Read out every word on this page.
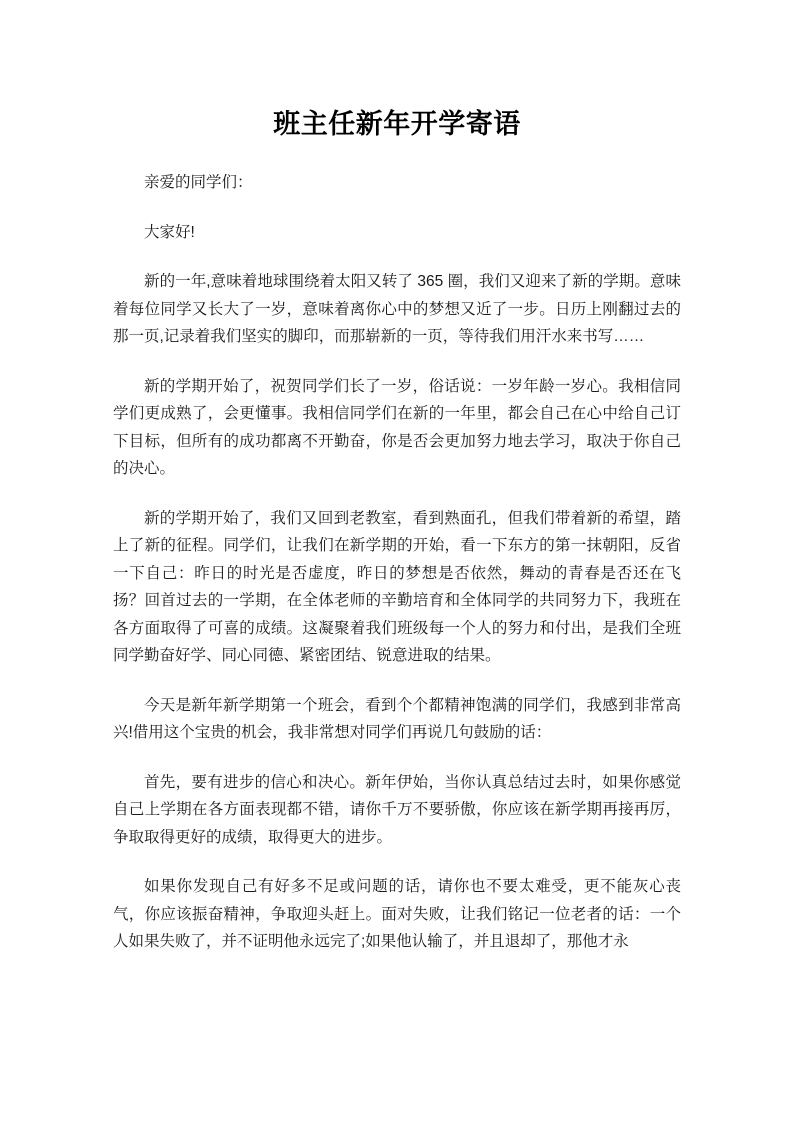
班主任新年开学寄语

亲爱的同学们：

大家好!

新的一年,意味着地球围绕着太阳又转了 365 圈，我们又迎来了新的学期。意味着每位同学又长大了一岁，意味着离你心中的梦想又近了一步。日历上刚翻过去的那一页,记录着我们坚实的脚印，而那崭新的一页，等待我们用汗水来书写……

新的学期开始了，祝贺同学们长了一岁，俗话说：一岁年龄一岁心。我相信同学们更成熟了，会更懂事。我相信同学们在新的一年里，都会自己在心中给自己订下目标，但所有的成功都离不开勤奋，你是否会更加努力地去学习，取决于你自己的决心。

新的学期开始了，我们又回到老教室，看到熟面孔，但我们带着新的希望，踏上了新的征程。同学们，让我们在新学期的开始，看一下东方的第一抹朝阳，反省一下自己：昨日的时光是否虚度，昨日的梦想是否依然，舞动的青春是否还在飞扬？回首过去的一学期，在全体老师的辛勤培育和全体同学的共同努力下，我班在各方面取得了可喜的成绩。这凝聚着我们班级每一个人的努力和付出，是我们全班同学勤奋好学、同心同德、紧密团结、锐意进取的结果。

今天是新年新学期第一个班会，看到个个都精神饱满的同学们，我感到非常高兴!借用这个宝贵的机会，我非常想对同学们再说几句鼓励的话：

首先，要有进步的信心和决心。新年伊始，当你认真总结过去时，如果你感觉自己上学期在各方面表现都不错，请你千万不要骄傲，你应该在新学期再接再厉，争取取得更好的成绩，取得更大的进步。

如果你发现自己有好多不足或问题的话，请你也不要太难受，更不能灰心丧气，你应该振奋精神，争取迎头赶上。面对失败，让我们铭记一位老者的话：一个人如果失败了，并不证明他永远完了;如果他认输了，并且退却了，那他才永
